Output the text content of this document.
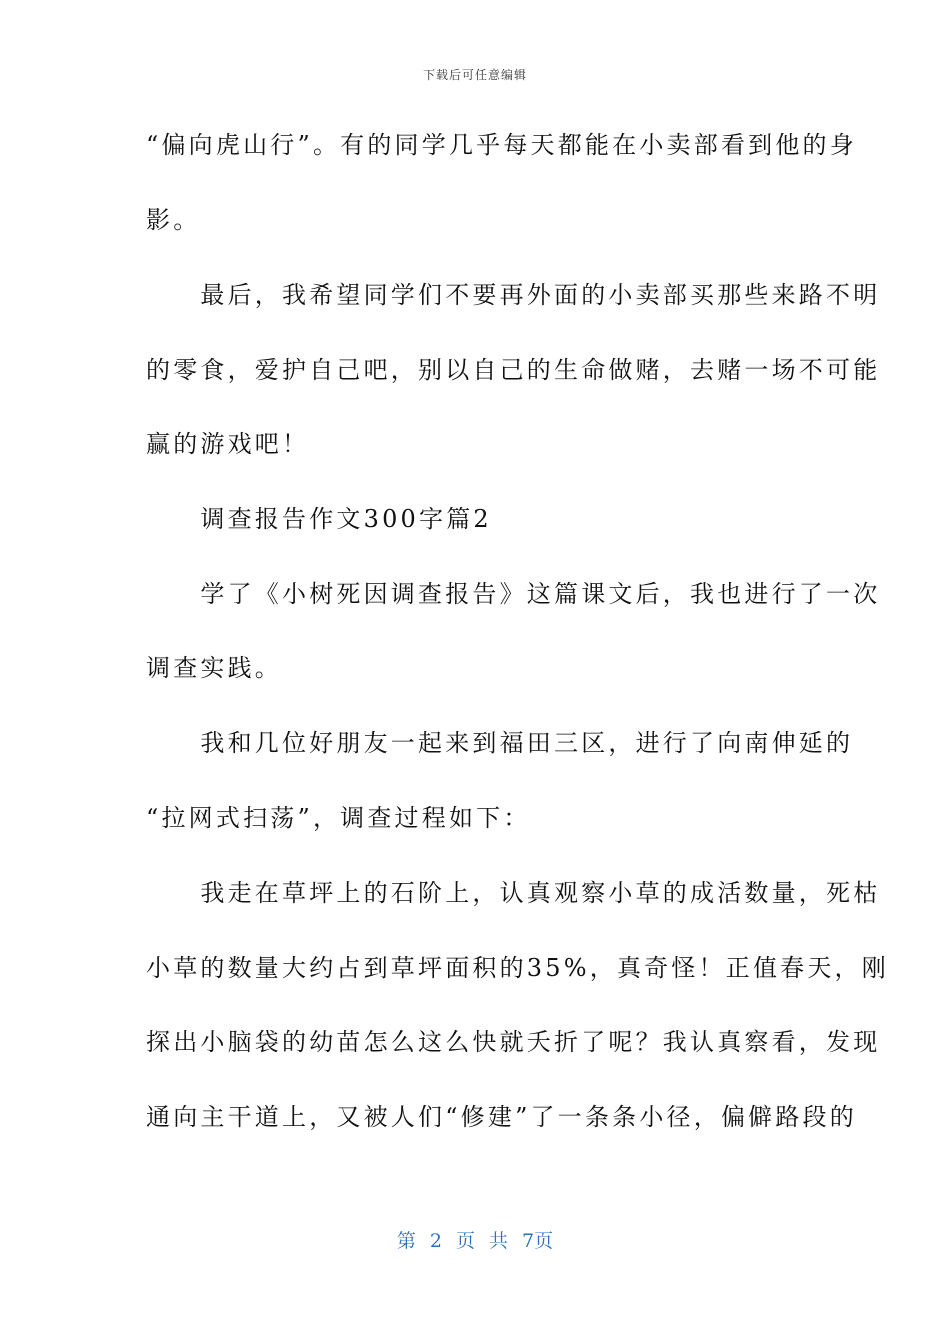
下载后可任意编辑
“偏向虎山行”。有的同学几乎每天都能在小卖部看到他的身
影。
　　最后，我希望同学们不要再外面的小卖部买那些来路不明
的零食，爱护自己吧，别以自己的生命做赌，去赌一场不可能
赢的游戏吧！
　　调查报告作文300字篇2
　　学了《小树死因调查报告》这篇课文后，我也进行了一次
调查实践。
　　我和几位好朋友一起来到福田三区，进行了向南伸延的
“拉网式扫荡”，调查过程如下：
　　我走在草坪上的石阶上，认真观察小草的成活数量，死枯
小草的数量大约占到草坪面积的35%，真奇怪！正值春天，刚
探出小脑袋的幼苗怎么这么快就夭折了呢？我认真察看，发现
通向主干道上，又被人们“修建”了一条条小径，偏僻路段的
第 2 页 共 7页
